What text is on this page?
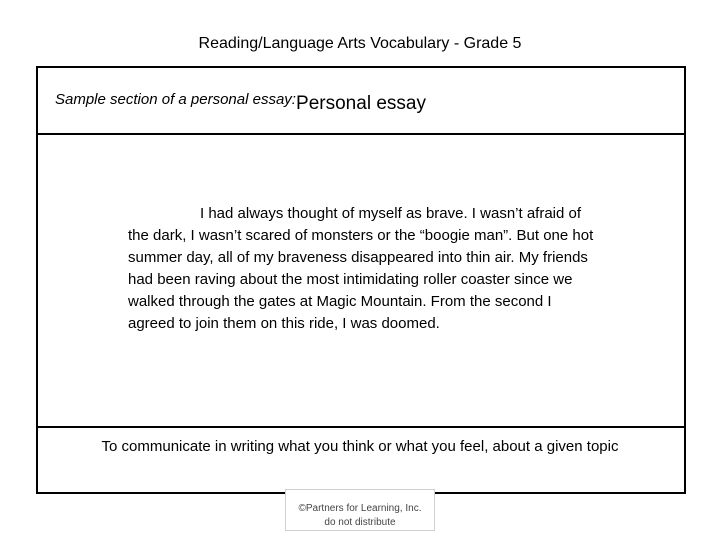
Reading/Language Arts Vocabulary - Grade 5
Personal essay
Sample section of a personal essay:
I had always thought of myself as brave. I wasn’t afraid of the dark, I wasn’t scared of monsters or the “boogie man”. But one hot summer day, all of my braveness disappeared into thin air. My friends had been raving about the most intimidating roller coaster since we walked through the gates at Magic Mountain. From the second I agreed to join them on this ride, I was doomed.
To communicate in writing what you think or what you feel, about a given topic
©Partners for Learning, Inc.
do not distribute
